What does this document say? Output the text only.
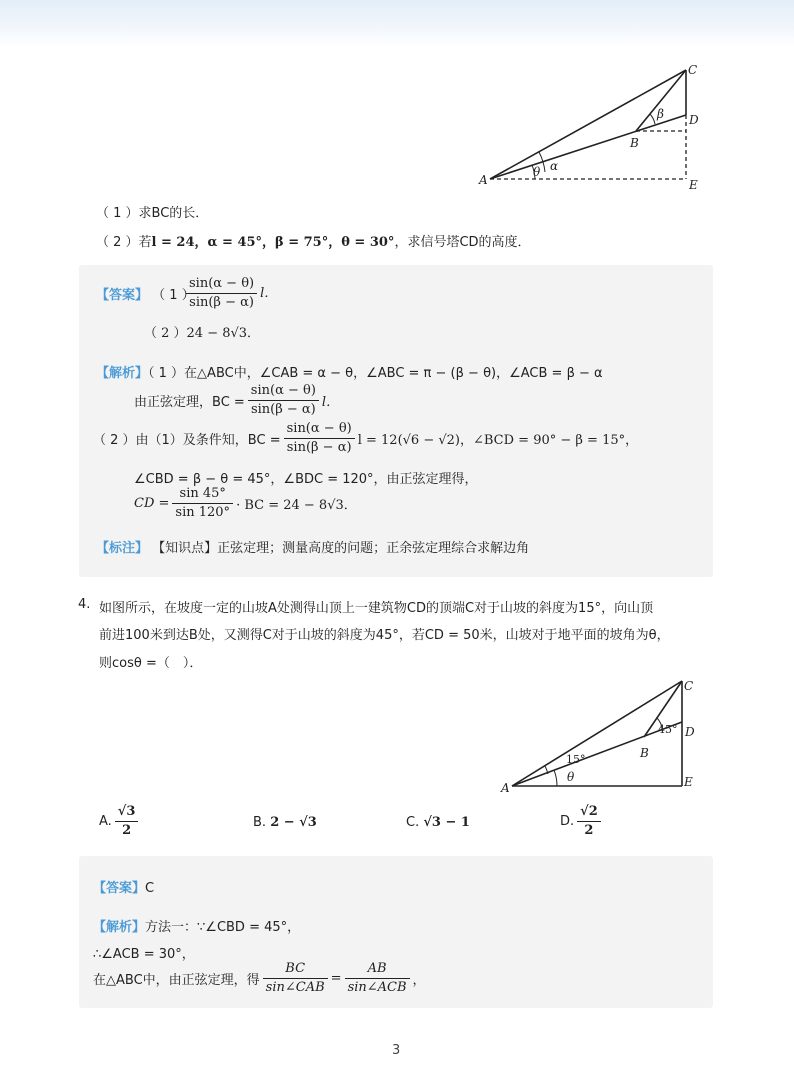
C
D
B
A	E
α
β
θ
（ 1 ）求BC的长．
（ 2 ）若l = 24，α = 45°，β = 75°，θ = 30°，求信号塔CD的高度．
【答案】 （ 1 ）
$\frac{\sin(\alpha - \theta)}{\sin(\beta - \alpha)}$ l．
（ 2 ）24 − 8√3．
【解析】（ 1 ）在△ABC中，∠CAB = α − θ，∠ABC = π − (β − θ)，∠ACB = β − α
由正弦定理，BC = $\frac{\sin(\alpha - \theta)}{\sin(\beta - \alpha)}$ l．
（ 2 ）由（1）及条件知，BC = $\frac{\sin(\alpha - \theta)}{\sin(\beta - \alpha)}$ l = 12(√6 − √2)，∠BCD = 90° − β = 15°，
∠CBD = β − θ = 45°，∠BDC = 120°，由正弦定理得，
CD = $\frac{\sin 45^\circ}{\sin 120^\circ}$ · BC = 24 − 8√3．
【标注】 【知识点】正弦定理；测量高度的问题；正余弦定理综合求解边角
4. 如图所示，在坡度一定的山坡A处测得山顶上一建筑物CD的顶端C对于山坡的斜度为15°，向山顶
前进100米到达B处，又测得C对于山坡的斜度为45°，若CD = 50米，山坡对于地平面的坡角为θ，
则cosθ =（　）．
C
45° D
B
15°
θ
A	E
A. $\frac{√3}{2}$	B. 2 − √3	C. √3 − 1	D. $\frac{√2}{2}$
【答案】C
【解析】方法一：∵∠CBD = 45°，
∴∠ACB = 30°，
在△ABC中，由正弦定理，得 $\frac{BC}{\text{sin∠CAB}} = \frac{AB}{\text{sin∠ACB}}$ ，
3
